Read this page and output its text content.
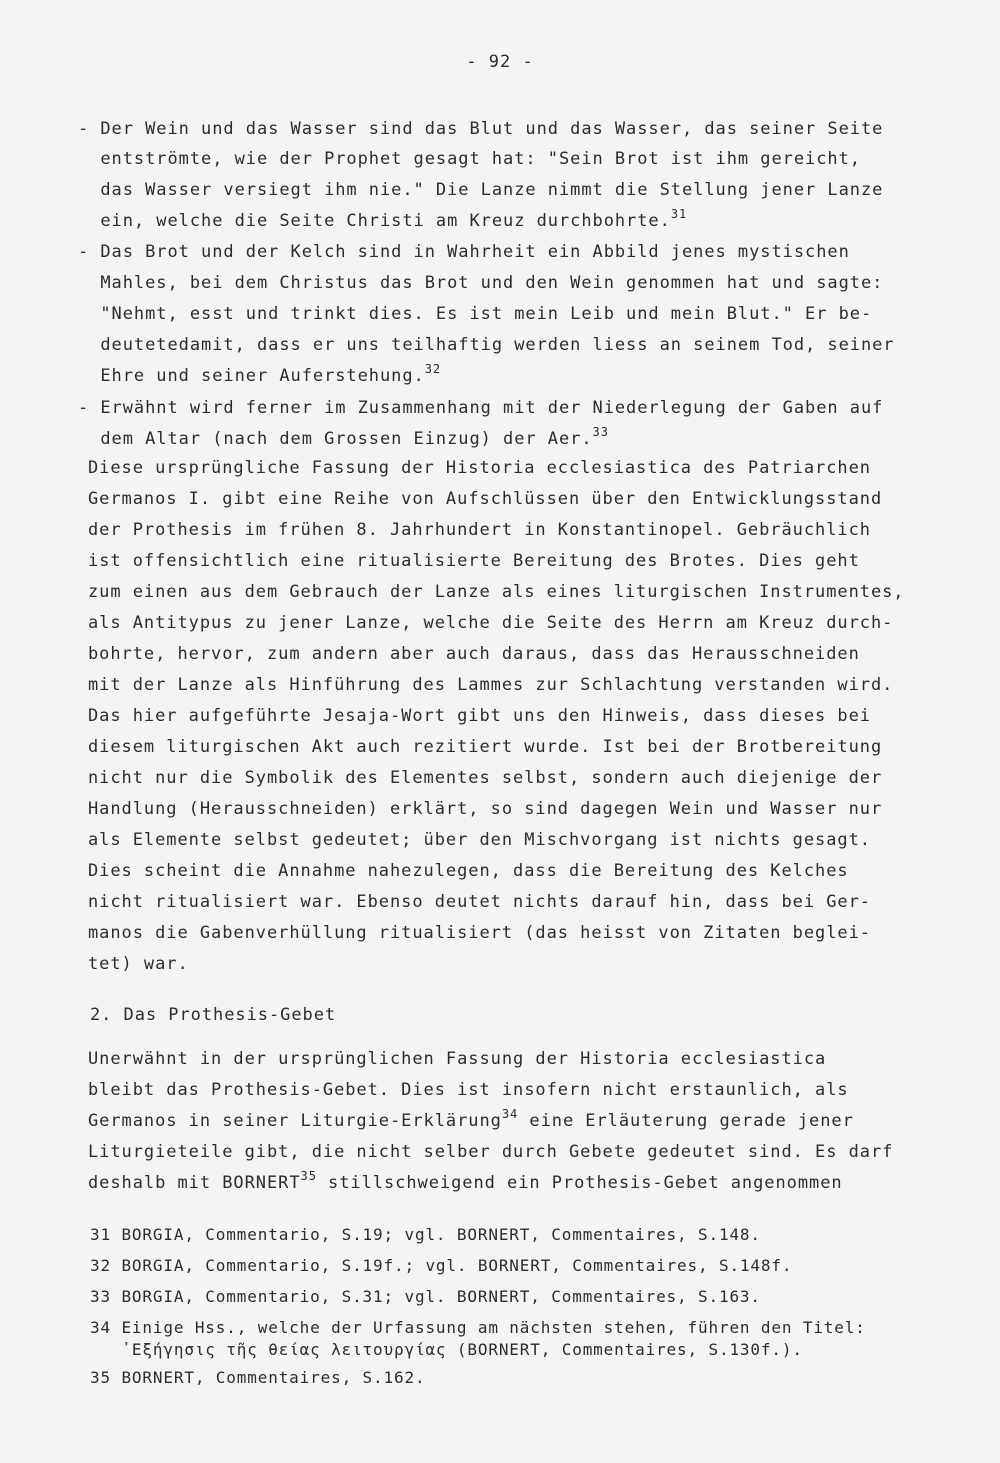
- 92 -
- Der Wein und das Wasser sind das Blut und das Wasser, das seiner Seite
entströmte, wie der Prophet gesagt hat: "Sein Brot ist ihm gereicht,
das Wasser versiegt ihm nie." Die Lanze nimmt die Stellung jener Lanze
ein, welche die Seite Christi am Kreuz durchbohrte.$^{31}$
- Das Brot und der Kelch sind in Wahrheit ein Abbild jenes mystischen
Mahles, bei dem Christus das Brot und den Wein genommen hat und sagte:
"Nehmt, esst und trinkt dies. Es ist mein Leib und mein Blut." Er be-
deutetedamit, dass er uns teilhaftig werden liess an seinem Tod, seiner
Ehre und seiner Auferstehung.$^{32}$
- Erwähnt wird ferner im Zusammenhang mit der Niederlegung der Gaben auf
dem Altar (nach dem Grossen Einzug) der Aer.$^{33}$
Diese ursprüngliche Fassung der Historia ecclesiastica des Patriarchen
Germanos I. gibt eine Reihe von Aufschlüssen über den Entwicklungsstand
der Prothesis im frühen 8. Jahrhundert in Konstantinopel. Gebräuchlich
ist offensichtlich eine ritualisierte Bereitung des Brotes. Dies geht
zum einen aus dem Gebrauch der Lanze als eines liturgischen Instrumentes,
als Antitypus zu jener Lanze, welche die Seite des Herrn am Kreuz durch-
bohrte, hervor, zum andern aber auch daraus, dass das Herausschneiden
mit der Lanze als Hinführung des Lammes zur Schlachtung verstanden wird.
Das hier aufgeführte Jesaja-Wort gibt uns den Hinweis, dass dieses bei
diesem liturgischen Akt auch rezitiert wurde. Ist bei der Brotbereitung
nicht nur die Symbolik des Elementes selbst, sondern auch diejenige der
Handlung (Herausschneiden) erklärt, so sind dagegen Wein und Wasser nur
als Elemente selbst gedeutet; über den Mischvorgang ist nichts gesagt.
Dies scheint die Annahme nahezulegen, dass die Bereitung des Kelches
nicht ritualisiert war. Ebenso deutet nichts darauf hin, dass bei Ger-
manos die Gabenverhüllung ritualisiert (das heisst von Zitaten beglei-
tet) war.
2. Das Prothesis-Gebet
Unerwähnt in der ursprünglichen Fassung der Historia ecclesiastica
bleibt das Prothesis-Gebet. Dies ist insofern nicht erstaunlich, als
Germanos in seiner Liturgie-Erklärung$^{34}$ eine Erläuterung gerade jener
Liturgieteile gibt, die nicht selber durch Gebete gedeutet sind. Es darf
deshalb mit BORNERT$^{35}$ stillschweigend ein Prothesis-Gebet angenommen
31 BORGIA, Commentario, S.19; vgl. BORNERT, Commentaires, S.148.
32 BORGIA, Commentario, S.19f.; vgl. BORNERT, Commentaires, S.148f.
33 BORGIA, Commentario, S.31; vgl. BORNERT, Commentaires, S.163.
34 Einige Hss., welche der Urfassung am nächsten stehen, führen den Titel:
᾿Εξήγησις τῆς θείας λειτουργίας (BORNERT, Commentaires, S.130f.).
35 BORNERT, Commentaires, S.162.
